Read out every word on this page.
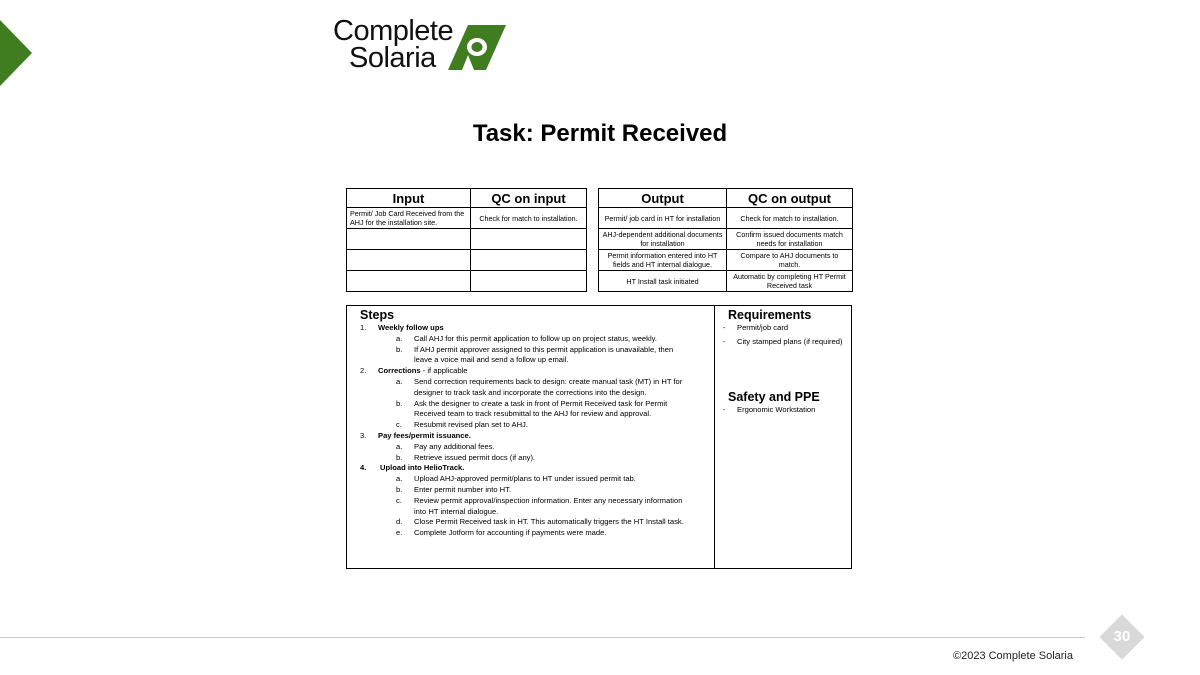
Complete
Solaria
Task: Permit Received
Input	QC on input
Permit/ Job Card Received from the AHJ for the installation site.	Check for match to installation.

Output	QC on output
Permit/ job card in HT for installation	Check for match to installation.
AHJ-dependent additional documents for installation	Confirm issued documents match needs for installation
Permit information entered into HT fields and HT internal dialogue.	Compare to AHJ documents to match.
HT Install task initiated	Automatic by completing HT Permit Received task
Steps
1. Weekly follow ups
a. Call AHJ for this permit application to follow up on project status, weekly.
b. If AHJ permit approver assigned to this permit application is unavailable, then
leave a voice mail and send a follow up email.
2. Corrections - if applicable
a. Send correction requirements back to design: create manual task (MT) in HT for
designer to track task and incorporate the corrections into the design.
b. Ask the designer to create a task in front of Permit Received task for Permit
Received team to track resubmittal to the AHJ for review and approval.
c. Resubmit revised plan set to AHJ.
3. Pay fees/permit issuance.
a. Pay any additional fees.
b. Retrieve issued permit docs (if any).
4. Upload into HelioTrack.
a. Upload AHJ-approved permit/plans to HT under issued permit tab.
b. Enter permit number into HT.
c. Review permit approval/inspection information. Enter any necessary information
into HT internal dialogue.
d. Close Permit Received task in HT. This automatically triggers the HT Install task.
e. Complete Jotform for accounting if payments were made.
Requirements
-	Permit/job card
-	City stamped plans (if required)
Safety and PPE
-	Ergonomic Workstation
30
©2023 Complete Solaria
